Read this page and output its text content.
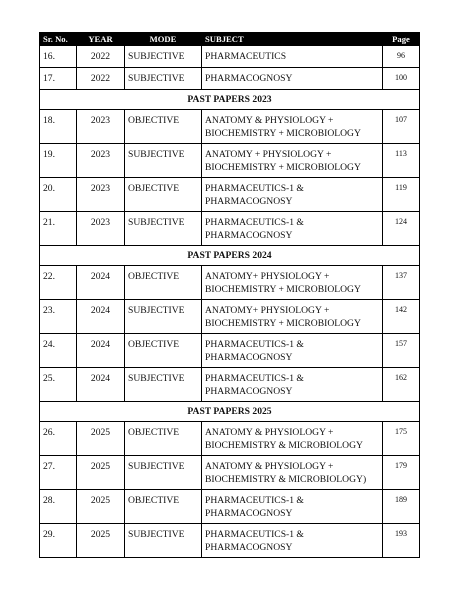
Sr. No.	YEAR	MODE	SUBJECT	Page
16.	2022	SUBJECTIVE	PHARMACEUTICS	96
17.	2022	SUBJECTIVE	PHARMACOGNOSY	100
PAST PAPERS 2023				
18.	2023	OBJECTIVE	ANATOMY & PHYSIOLOGY + BIOCHEMISTRY + MICROBIOLOGY	107
19.	2023	SUBJECTIVE	ANATOMY + PHYSIOLOGY + BIOCHEMISTRY + MICROBIOLOGY	113
20.	2023	OBJECTIVE	PHARMACEUTICS-1 & PHARMACOGNOSY	119
21.	2023	SUBJECTIVE	PHARMACEUTICS-1 & PHARMACOGNOSY	124
PAST PAPERS 2024				
22.	2024	OBJECTIVE	ANATOMY+ PHYSIOLOGY + BIOCHEMISTRY + MICROBIOLOGY	137
23.	2024	SUBJECTIVE	ANATOMY+ PHYSIOLOGY + BIOCHEMISTRY + MICROBIOLOGY	142
24.	2024	OBJECTIVE	PHARMACEUTICS-1 & PHARMACOGNOSY	157
25.	2024	SUBJECTIVE	PHARMACEUTICS-1 & PHARMACOGNOSY	162
PAST PAPERS 2025				
26.	2025	OBJECTIVE	ANATOMY & PHYSIOLOGY + BIOCHEMISTRY & MICROBIOLOGY	175
27.	2025	SUBJECTIVE	ANATOMY & PHYSIOLOGY + BIOCHEMISTRY & MICROBIOLOGY)	179
28.	2025	OBJECTIVE	PHARMACEUTICS-1 & PHARMACOGNOSY	189
29.	2025	SUBJECTIVE	PHARMACEUTICS-1 & PHARMACOGNOSY	193
